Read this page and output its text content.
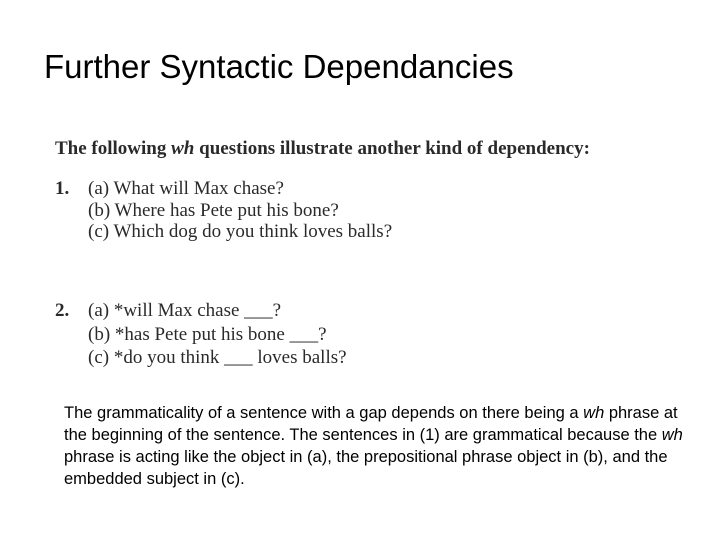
Further Syntactic Dependancies
The following wh questions illustrate another kind of dependency:
1. (a) What will Max chase?
(b) Where has Pete put his bone?
(c) Which dog do you think loves balls?
2. (a) *will Max chase ___?
(b) *has Pete put his bone ___?
(c) *do you think ___ loves balls?
The grammaticality of a sentence with a gap depends on there being a wh phrase at the beginning of the sentence. The sentences in (1) are grammatical because the wh phrase is acting like the object in (a), the prepositional phrase object in (b), and the embedded subject in (c).
